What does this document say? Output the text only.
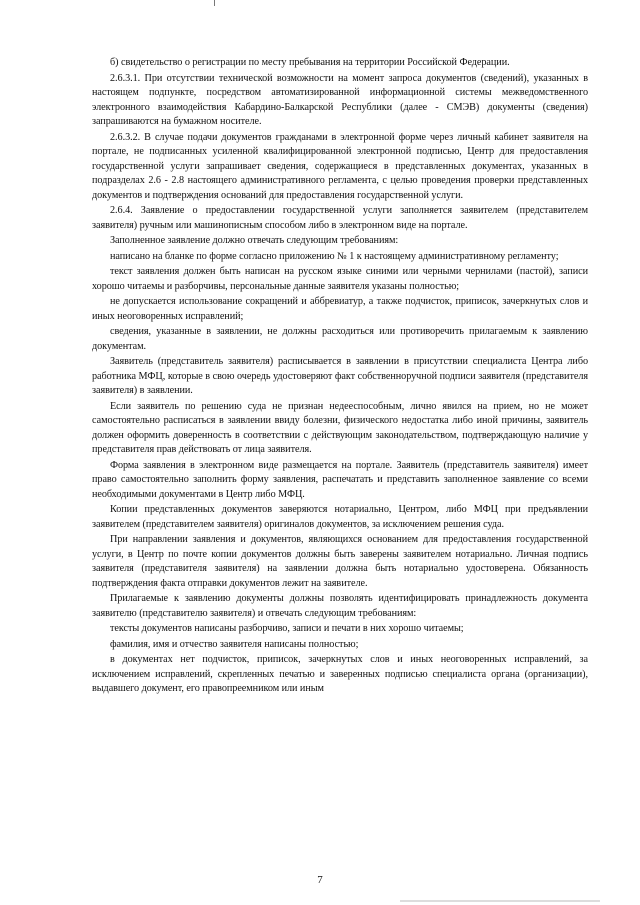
б) свидетельство о регистрации по месту пребывания на территории Российской Федерации.

2.6.3.1. При отсутствии технической возможности на момент запроса документов (сведений), указанных в настоящем подпункте, посредством автоматизированной информационной системы межведомственного электронного взаимодействия Кабардино-Балкарской Республики (далее - СМЭВ) документы (сведения) запрашиваются на бумажном носителе.

2.6.3.2. В случае подачи документов гражданами в электронной форме через личный кабинет заявителя на портале, не подписанных усиленной квалифицированной электронной подписью, Центр для предоставления государственной услуги запрашивает сведения, содержащиеся в представленных документах, указанных в подразделах 2.6 - 2.8 настоящего административного регламента, с целью проведения проверки представленных документов и подтверждения оснований для предоставления государственной услуги.

2.6.4. Заявление о предоставлении государственной услуги заполняется заявителем (представителем заявителя) ручным или машинописным способом либо в электронном виде на портале.

Заполненное заявление должно отвечать следующим требованиям:

написано на бланке по форме согласно приложению № 1 к настоящему административному регламенту;

текст заявления должен быть написан на русском языке синими или черными чернилами (пастой), записи хорошо читаемы и разборчивы, персональные данные заявителя указаны полностью;

не допускается использование сокращений и аббревиатур, а также подчисток, приписок, зачеркнутых слов и иных неоговоренных исправлений;

сведения, указанные в заявлении, не должны расходиться или противоречить прилагаемым к заявлению документам.

Заявитель (представитель заявителя) расписывается в заявлении в присутствии специалиста Центра либо работника МФЦ, которые в свою очередь удостоверяют факт собственноручной подписи заявителя (представителя заявителя) в заявлении.

Если заявитель по решению суда не признан недееспособным, лично явился на прием, но не может самостоятельно расписаться в заявлении ввиду болезни, физического недостатка либо иной причины, заявитель должен оформить доверенность в соответствии с действующим законодательством, подтверждающую наличие у представителя прав действовать от лица заявителя.

Форма заявления в электронном виде размещается на портале. Заявитель (представитель заявителя) имеет право самостоятельно заполнить форму заявления, распечатать и представить заполненное заявление со всеми необходимыми документами в Центр либо МФЦ.

Копии представленных документов заверяются нотариально, Центром, либо МФЦ при предъявлении заявителем (представителем заявителя) оригиналов документов, за исключением решения суда.

При направлении заявления и документов, являющихся основанием для предоставления государственной услуги, в Центр по почте копии документов должны быть заверены заявителем нотариально. Личная подпись заявителя (представителя заявителя) на заявлении должна быть нотариально удостоверена. Обязанность подтверждения факта отправки документов лежит на заявителе.

Прилагаемые к заявлению документы должны позволять идентифицировать принадлежность документа заявителю (представителю заявителя) и отвечать следующим требованиям:

тексты документов написаны разборчиво, записи и печати в них хорошо читаемы;

фамилия, имя и отчество заявителя написаны полностью;

в документах нет подчисток, приписок, зачеркнутых слов и иных неоговоренных исправлений, за исключением исправлений, скрепленных печатью и заверенных подписью специалиста органа (организации), выдавшего документ, его правопреемником или иным

7
